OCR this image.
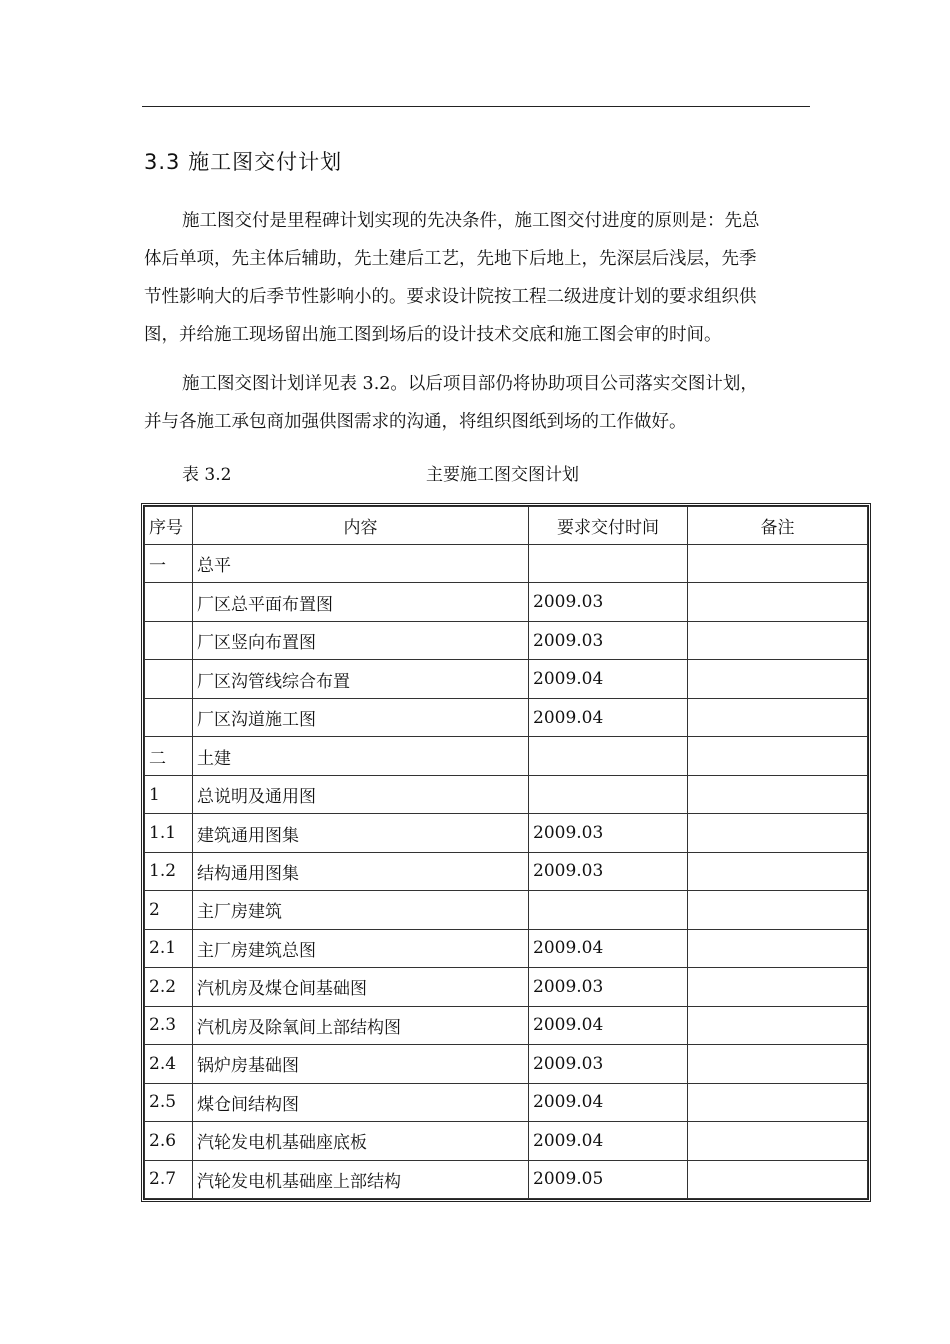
3.3 施工图交付计划
施工图交付是里程碑计划实现的先决条件，施工图交付进度的原则是：先总
体后单项，先主体后辅助，先土建后工艺，先地下后地上，先深层后浅层，先季
节性影响大的后季节性影响小的。要求设计院按工程二级进度计划的要求组织供
图，并给施工现场留出施工图到场后的设计技术交底和施工图会审的时间。
施工图交图计划详见表 3.2。以后项目部仍将协助项目公司落实交图计划，
并与各施工承包商加强供图需求的沟通，将组织图纸到场的工作做好。
表 3.2	主要施工图交图计划
序号	内容	要求交付时间	备注
一	总平		
	厂区总平面布置图	2009.03	
	厂区竖向布置图	2009.03	
	厂区沟管线综合布置	2009.04	
	厂区沟道施工图	2009.04	
二	土建		
1	总说明及通用图		
1.1	建筑通用图集	2009.03	
1.2	结构通用图集	2009.03	
2	主厂房建筑		
2.1	主厂房建筑总图	2009.04	
2.2	汽机房及煤仓间基础图	2009.03	
2.3	汽机房及除氧间上部结构图	2009.04	
2.4	锅炉房基础图	2009.03	
2.5	煤仓间结构图	2009.04	
2.6	汽轮发电机基础座底板	2009.04	
2.7	汽轮发电机基础座上部结构	2009.05	
